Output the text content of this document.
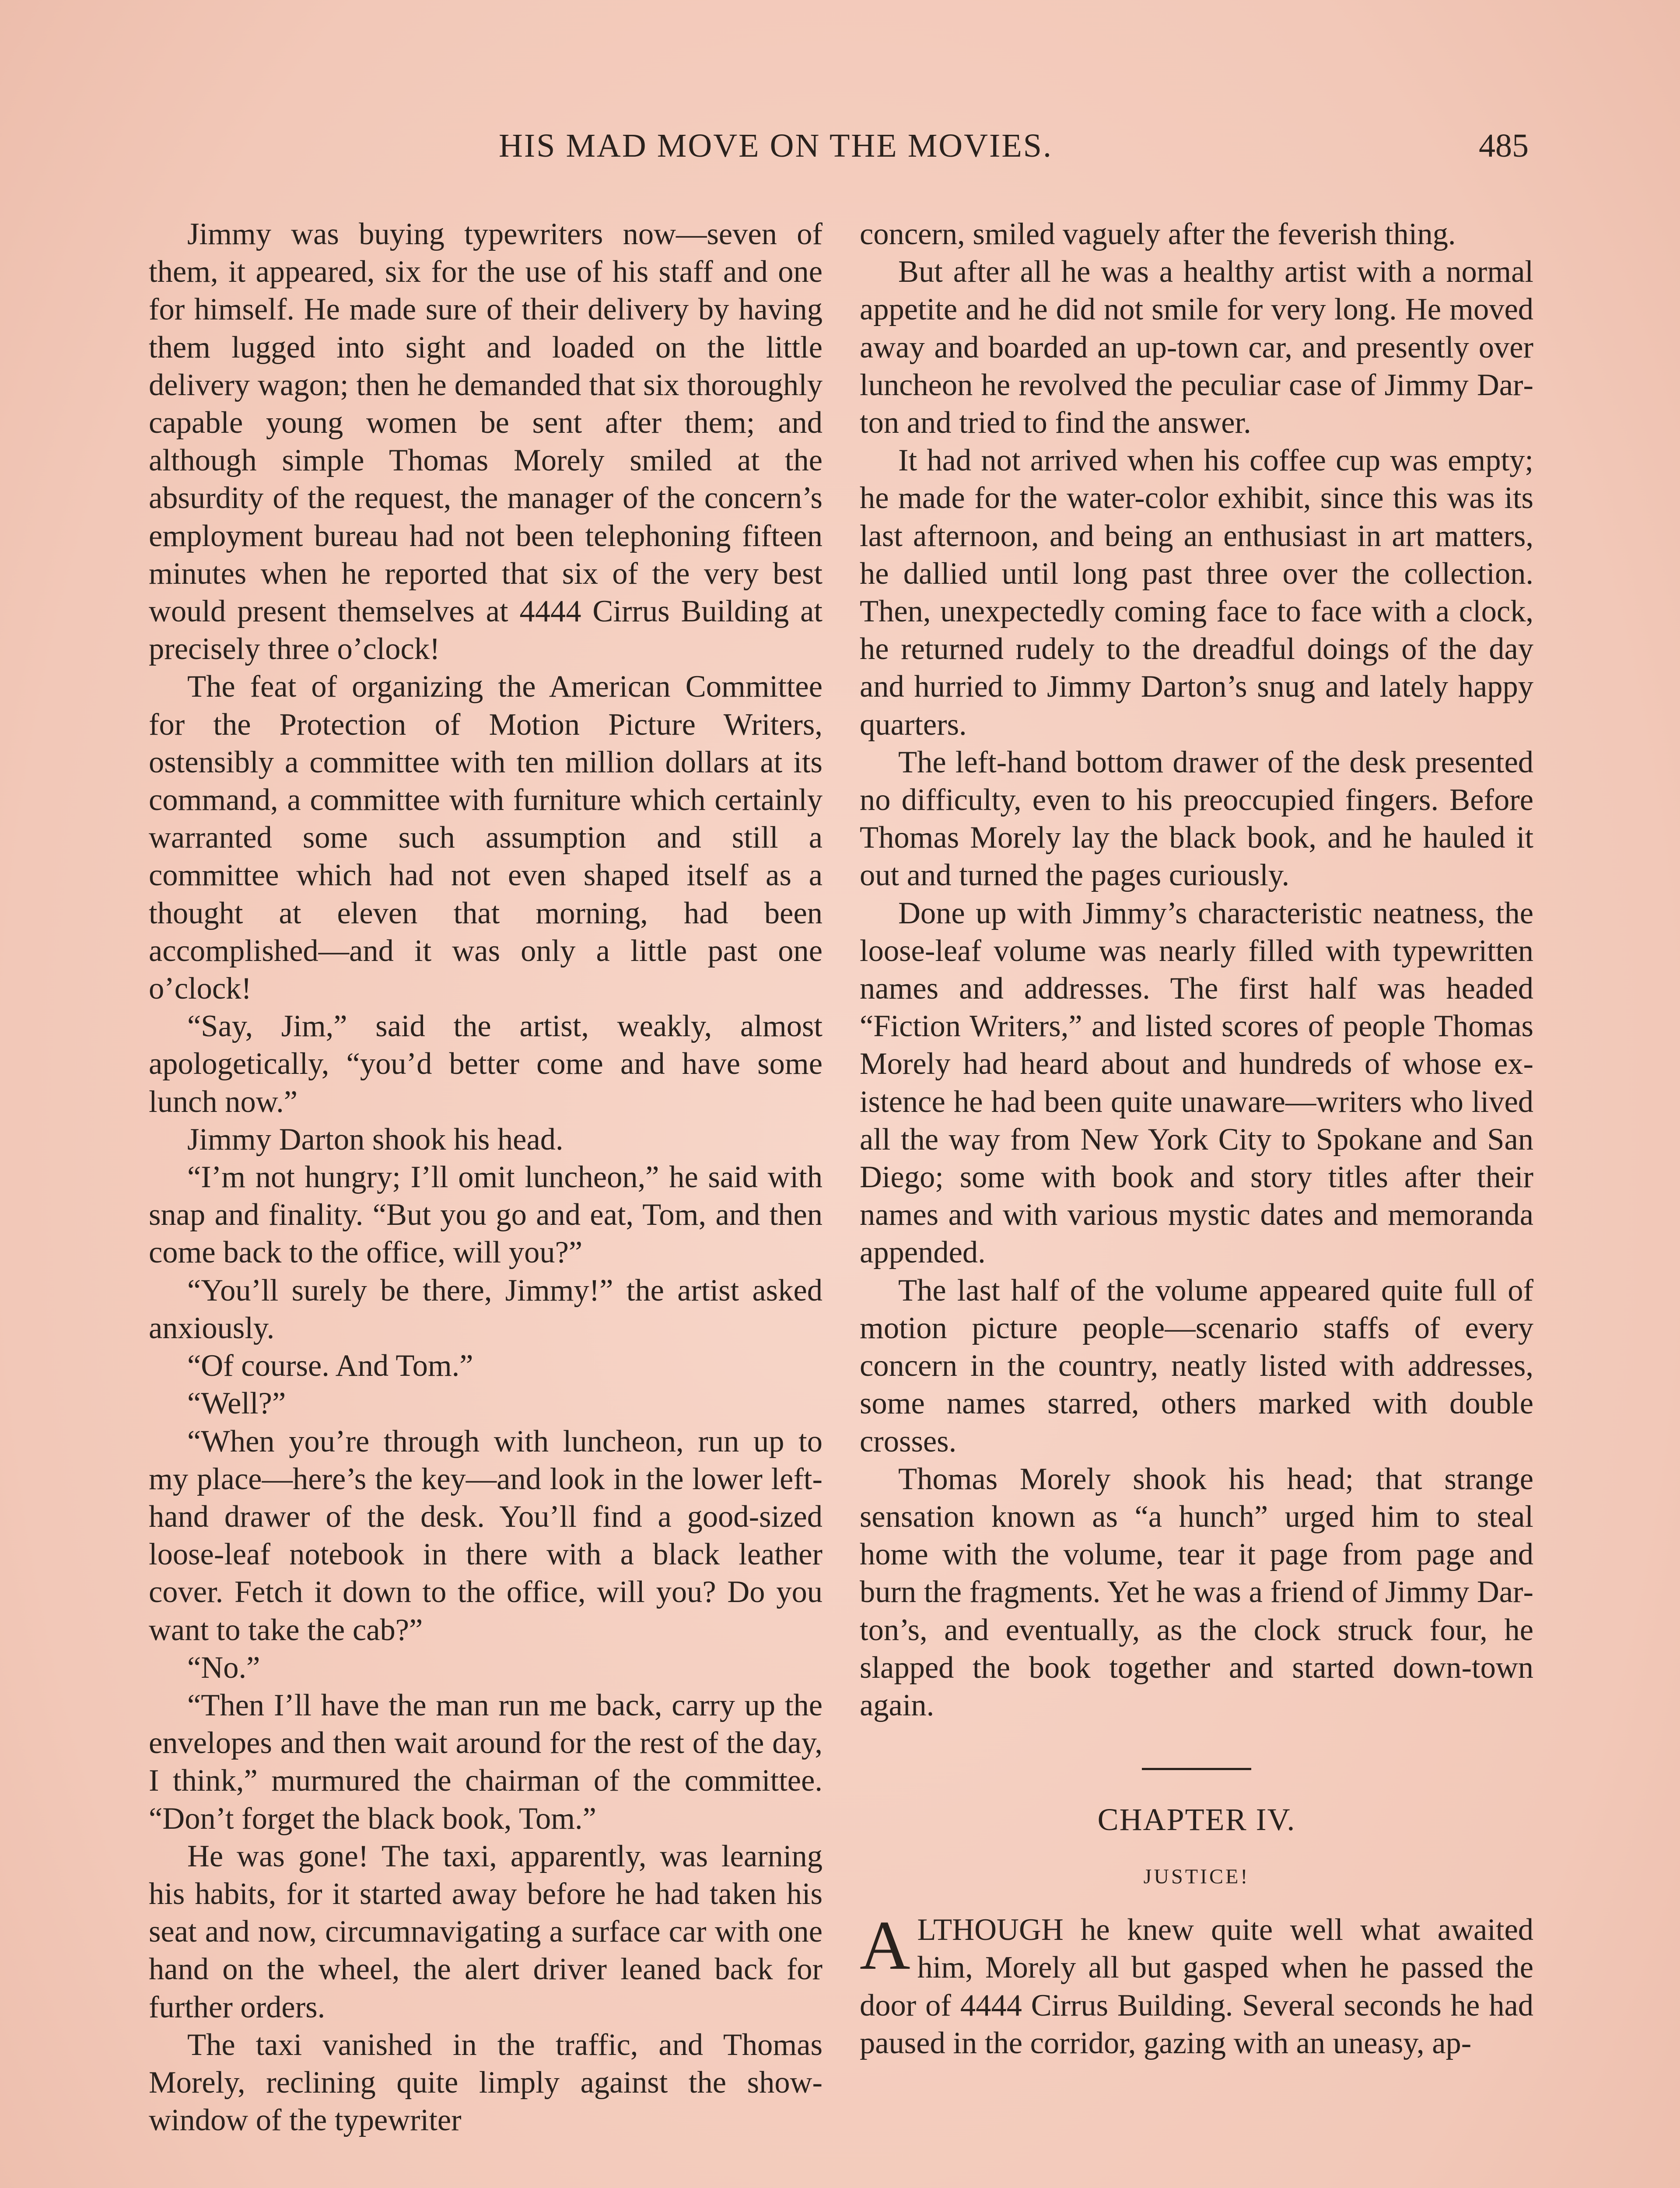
HIS MAD MOVE ON THE MOVIES.	485

Jimmy was buying typewriters now—seven of them, it appeared, six for the use of his staff and one for himself. He made sure of their delivery by having them lugged into sight and loaded on the little delivery wagon; then he demanded that six thoroughly capable young women be sent after them; and although simple Thomas Morely smiled at the absurdity of the request, the manager of the concern’s employment bureau had not been telephoning fifteen minutes when he reported that six of the very best would present themselves at 4444 Cirrus Building at precisely three o’clock!

The feat of organizing the American Committee for the Protection of Motion Picture Writers, ostensibly a committee with ten million dollars at its command, a committee with furniture which certainly warranted some such assumption and still a committee which had not even shaped itself as a thought at eleven that morning, had been accomplished—and it was only a little past one o’clock!

“Say, Jim,” said the artist, weakly, almost apologetically, “you’d better come and have some lunch now.”

Jimmy Darton shook his head.

“I’m not hungry; I’ll omit luncheon,” he said with snap and finality. “But you go and eat, Tom, and then come back to the office, will you?”

“You’ll surely be there, Jimmy!” the artist asked anxiously.

“Of course. And Tom.”

“Well?”

“When you’re through with luncheon, run up to my place—here’s the key—and look in the lower left-hand drawer of the desk. You’ll find a good-sized loose-leaf notebook in there with a black leather cover. Fetch it down to the office, will you? Do you want to take the cab?”

“No.”

“Then I’ll have the man run me back, carry up the envelopes and then wait around for the rest of the day, I think,” murmured the chairman of the committee. “Don’t forget the black book, Tom.”

He was gone! The taxi, apparently, was learning his habits, for it started away before he had taken his seat and now, circumnavigating a surface car with one hand on the wheel, the alert driver leaned back for further orders.

The taxi vanished in the traffic, and Thomas Morely, reclining quite limply against the show-window of the typewriter

concern, smiled vaguely after the feverish thing.

But after all he was a healthy artist with a normal appetite and he did not smile for very long. He moved away and boarded an up-town car, and presently over luncheon he revolved the peculiar case of Jimmy Darton and tried to find the answer.

It had not arrived when his coffee cup was empty; he made for the water-color exhibit, since this was its last afternoon, and being an enthusiast in art matters, he dallied until long past three over the collection. Then, unexpectedly coming face to face with a clock, he returned rudely to the dreadful doings of the day and hurried to Jimmy Darton’s snug and lately happy quarters.

The left-hand bottom drawer of the desk presented no difficulty, even to his preoccupied fingers. Before Thomas Morely lay the black book, and he hauled it out and turned the pages curiously.

Done up with Jimmy’s characteristic neatness, the loose-leaf volume was nearly filled with typewritten names and addresses. The first half was headed “Fiction Writers,” and listed scores of people Thomas Morely had heard about and hundreds of whose existence he had been quite unaware—writers who lived all the way from New York City to Spokane and San Diego; some with book and story titles after their names and with various mystic dates and memoranda appended.

The last half of the volume appeared quite full of motion picture people—scenario staffs of every concern in the country, neatly listed with addresses, some names starred, others marked with double crosses.

Thomas Morely shook his head; that strange sensation known as “a hunch” urged him to steal home with the volume, tear it page from page and burn the fragments. Yet he was a friend of Jimmy Darton’s, and eventually, as the clock struck four, he slapped the book together and started down-town again.

CHAPTER IV.
JUSTICE!

ALTHOUGH he knew quite well what awaited him, Morely all but gasped when he passed the door of 4444 Cirrus Building. Several seconds he had paused in the corridor, gazing with an uneasy, ap-
